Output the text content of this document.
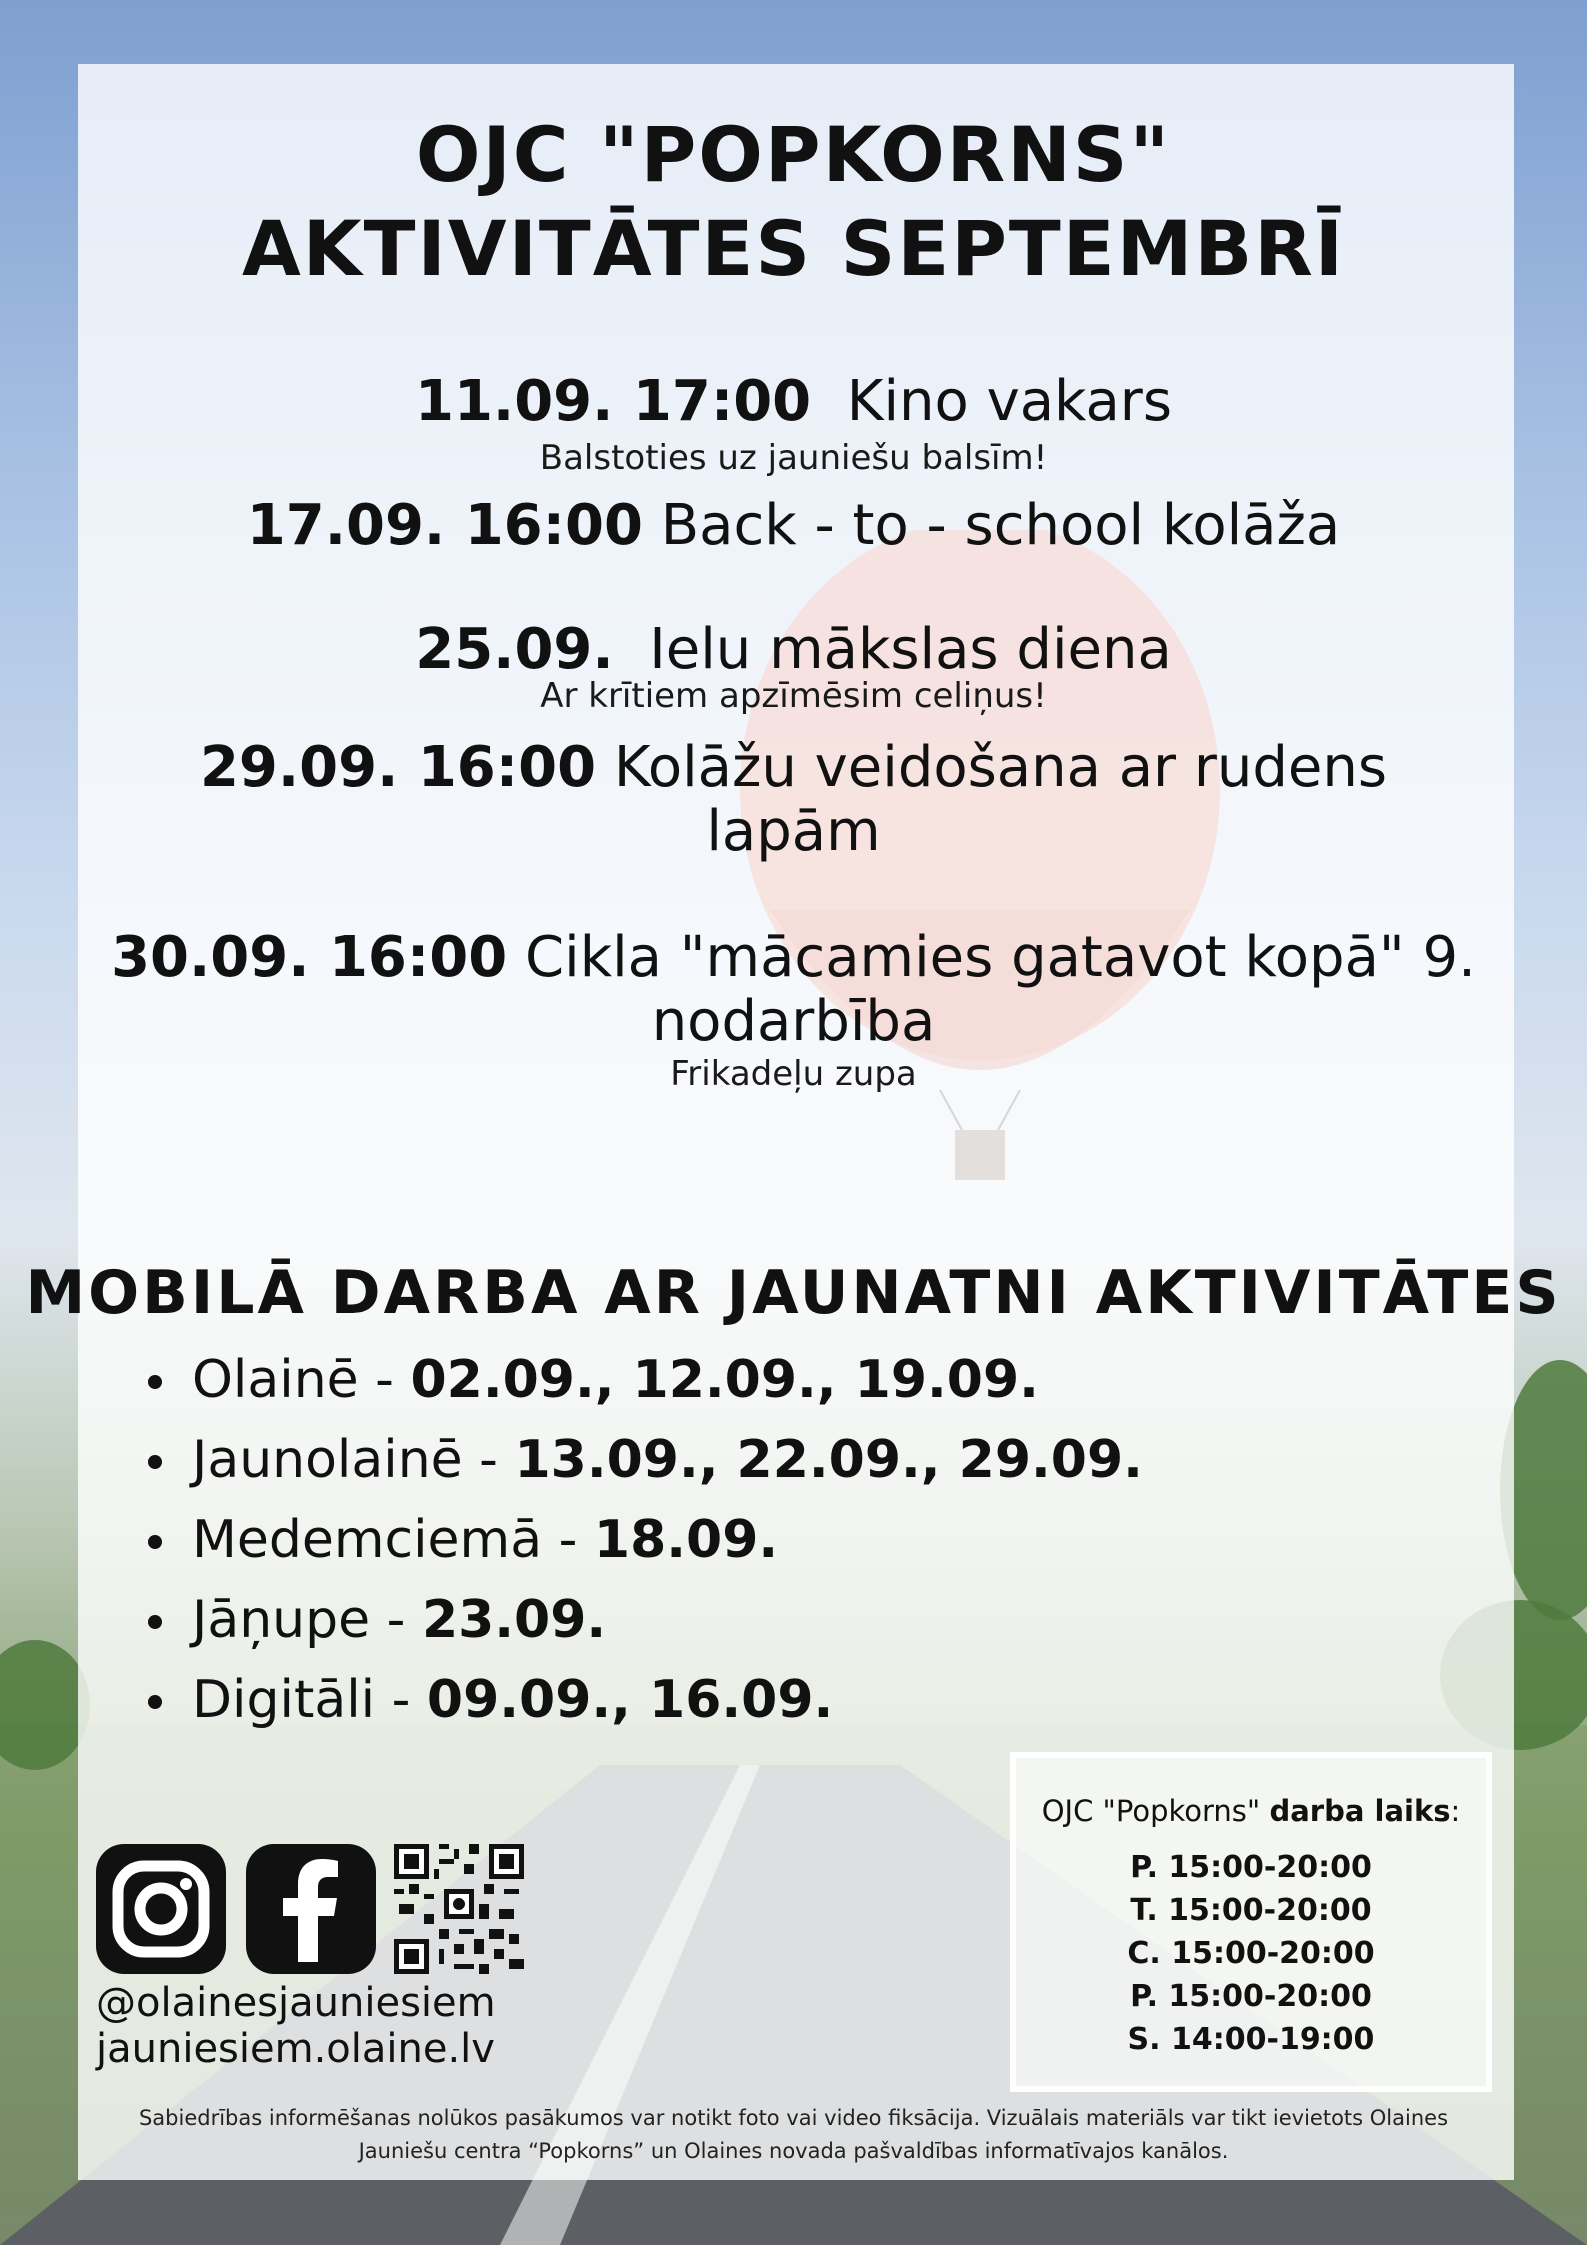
OJC "POPKORNS"
AKTIVITĀTES SEPTEMBRĪ
11.09. 17:00 Kino vakars
Balstoties uz jauniešu balsīm!
17.09. 16:00 Back - to - school kolāža
25.09. Ielu mākslas diena
Ar krītiem apzīmēsim celiņus!
29.09. 16:00 Kolāžu veidošana ar rudens
lapām
30.09. 16:00 Cikla "mācamies gatavot kopā" 9.
nodarbība
Frikadeļu zupa
MOBILĀ DARBA AR JAUNATNI AKTIVITĀTES
Olainē - 02.09., 12.09., 19.09.
Jaunolainē - 13.09., 22.09., 29.09.
Medemciemā - 18.09.
Jāņupe - 23.09.
Digitāli - 09.09., 16.09.
@olainesjauniesiem
jauniesiem.olaine.lv
OJC "Popkorns" darba laiks:
P. 15:00-20:00
T. 15:00-20:00
C. 15:00-20:00
P. 15:00-20:00
S. 14:00-19:00
Sabiedrības informēšanas nolūkos pasākumos var notikt foto vai video fiksācija. Vizuālais materiāls var tikt ievietots Olaines
Jauniešu centra “Popkorns” un Olaines novada pašvaldības informatīvajos kanālos.
